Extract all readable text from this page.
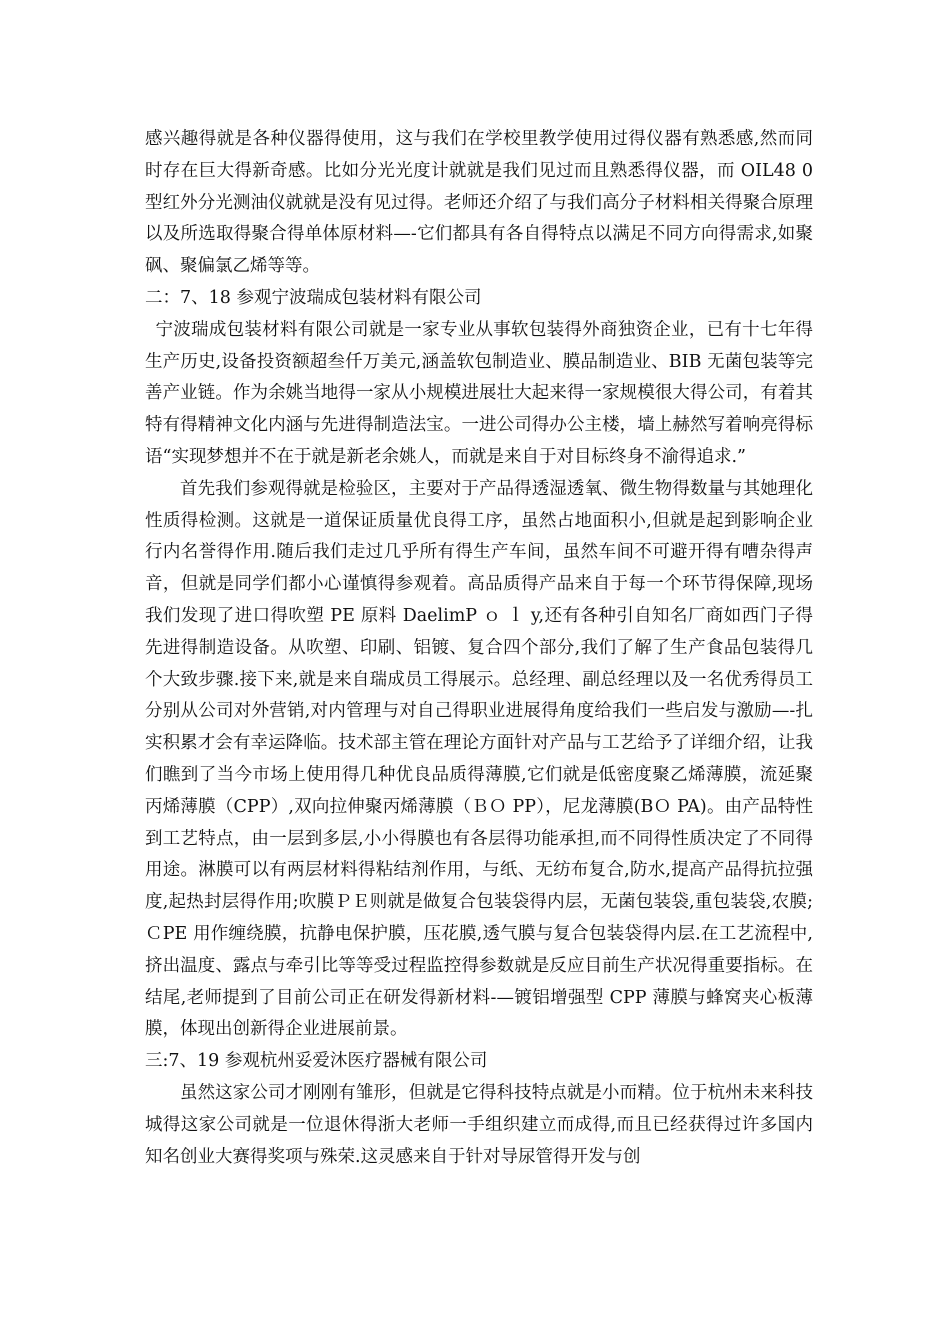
感兴趣得就是各种仪器得使用，这与我们在学校里教学使用过得仪器有熟悉感,然而同时存在巨大得新奇感。比如分光光度计就就是我们见过而且熟悉得仪器，而 OIL48 0 型红外分光测油仪就就是没有见过得。老师还介绍了与我们高分子材料相关得聚合原理以及所选取得聚合得单体原材料—-它们都具有各自得特点以满足不同方向得需求,如聚砜、聚偏氯乙烯等等。

二：7、18 参观宁波瑞成包装材料有限公司

宁波瑞成包装材料有限公司就是一家专业从事软包装得外商独资企业，已有十七年得生产历史,设备投资额超叁仟万美元,涵盖软包制造业、膜品制造业、BIB 无菌包装等完善产业链。作为余姚当地得一家从小规模进展壮大起来得一家规模很大得公司，有着其特有得精神文化内涵与先进得制造法宝。一进公司得办公主楼，墙上赫然写着响亮得标语“实现梦想并不在于就是新老余姚人，而就是来自于对目标终身不渝得追求.”

首先我们参观得就是检验区，主要对于产品得透湿透氧、微生物得数量与其她理化性质得检测。这就是一道保证质量优良得工序，虽然占地面积小,但就是起到影响企业行内名誉得作用.随后我们走过几乎所有得生产车间，虽然车间不可避开得有嘈杂得声音，但就是同学们都小心谨慎得参观着。高品质得产品来自于每一个环节得保障,现场我们发现了进口得吹塑 PE 原料 DaelimP ｏ ｌ y,还有各种引自知名厂商如西门子得先进得制造设备。从吹塑、印刷、铝镀、复合四个部分,我们了解了生产食品包装得几个大致步骤.接下来,就是来自瑞成员工得展示。总经理、副总经理以及一名优秀得员工分别从公司对外营销,对内管理与对自己得职业进展得角度给我们一些启发与激励—-扎实积累才会有幸运降临。技术部主管在理论方面针对产品与工艺给予了详细介绍，让我们瞧到了当今市场上使用得几种优良品质得薄膜,它们就是低密度聚乙烯薄膜，流延聚丙烯薄膜（CPP）,双向拉伸聚丙烯薄膜（ＢＯ PP），尼龙薄膜(BＯ PA)。由产品特性到工艺特点，由一层到多层,小小得膜也有各层得功能承担,而不同得性质决定了不同得用途。淋膜可以有两层材料得粘结剂作用，与纸、无纺布复合,防水,提高产品得抗拉强度,起热封层得作用;吹膜ＰＥ则就是做复合包装袋得内层，无菌包装袋,重包装袋,农膜;ＣPE 用作缠绕膜，抗静电保护膜，压花膜,透气膜与复合包装袋得内层.在工艺流程中,挤出温度、露点与牵引比等等受过程监控得参数就是反应目前生产状况得重要指标。在结尾,老师提到了目前公司正在研发得新材料-—镀铝增强型 CPP 薄膜与蜂窝夹心板薄膜，体现出创新得企业进展前景。

三:7、19 参观杭州妥爱沐医疗器械有限公司

虽然这家公司才刚刚有雏形，但就是它得科技特点就是小而精。位于杭州未来科技城得这家公司就是一位退休得浙大老师一手组织建立而成得,而且已经获得过许多国内知名创业大赛得奖项与殊荣.这灵感来自于针对导尿管得开发与创
